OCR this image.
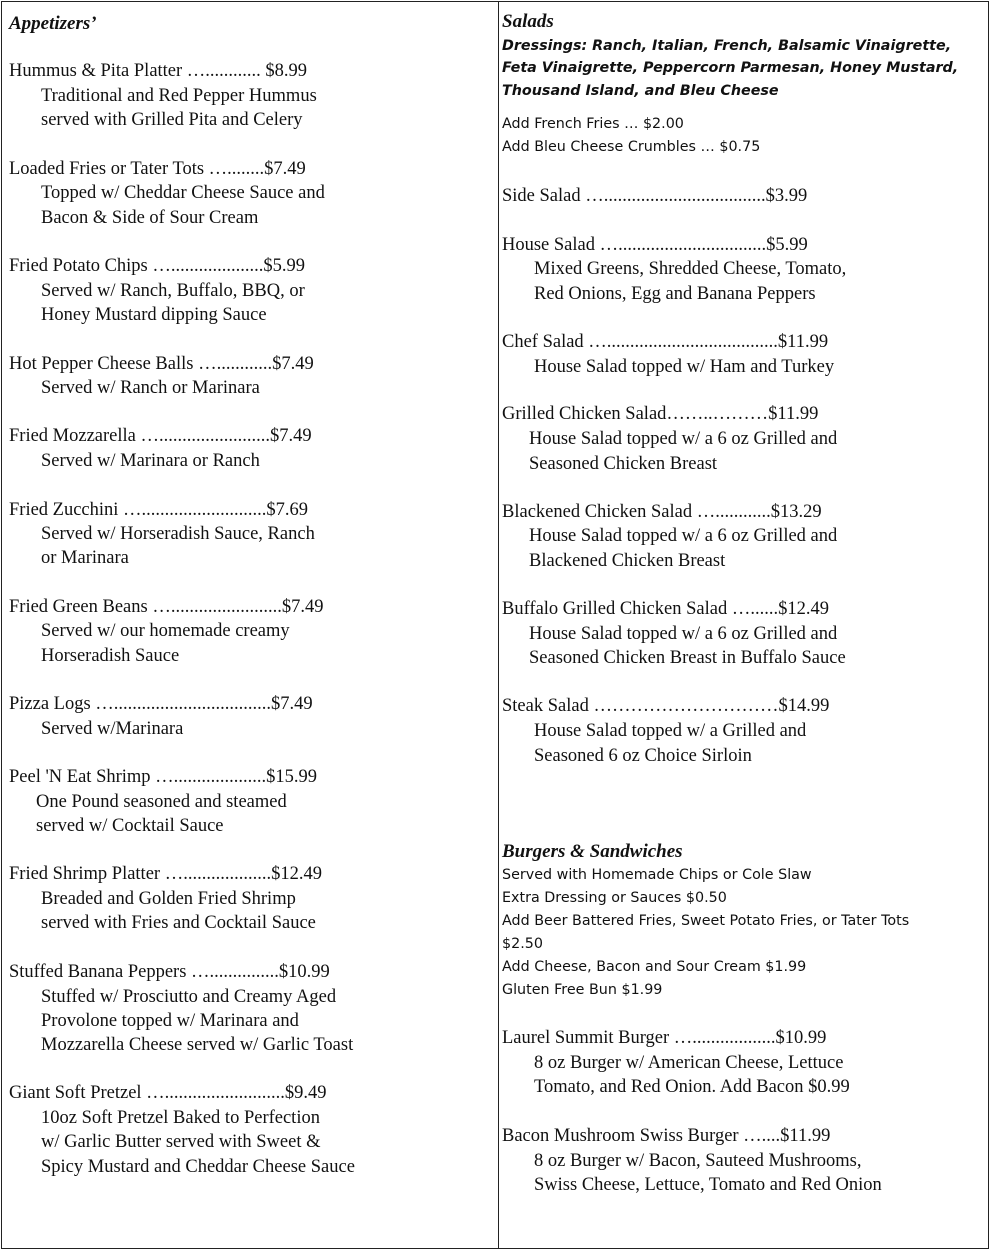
Appetizers’
Hummus & Pita Platter …............ $8.99
Traditional and Red Pepper Hummus
served with Grilled Pita and Celery
Loaded Fries or Tater Tots …........$7.49
Topped w/ Cheddar Cheese Sauce and
Bacon & Side of Sour Cream
Fried Potato Chips …....................$5.99
Served w/ Ranch, Buffalo, BBQ, or
Honey Mustard dipping Sauce
Hot Pepper Cheese Balls …............$7.49
Served w/ Ranch or Marinara
Fried Mozzarella …........................$7.49
Served w/ Marinara or Ranch
Fried Zucchini …...........................$7.69
Served w/ Horseradish Sauce, Ranch
or Marinara
Fried Green Beans …........................$7.49
Served w/ our homemade creamy
Horseradish Sauce
Pizza Logs …..................................$7.49
Served w/Marinara
Peel 'N Eat Shrimp …....................$15.99
One Pound seasoned and steamed
served w/ Cocktail Sauce
Fried Shrimp Platter …...................$12.49
Breaded and Golden Fried Shrimp
served with Fries and Cocktail Sauce
Stuffed Banana Peppers …...............$10.99
Stuffed w/ Prosciutto and Creamy Aged
Provolone topped w/ Marinara and
Mozzarella Cheese served w/ Garlic Toast
Giant Soft Pretzel …..........................$9.49
10oz Soft Pretzel Baked to Perfection
w/ Garlic Butter served with Sweet &
Spicy Mustard and Cheddar Cheese Sauce
Salads
Dressings: Ranch, Italian, French, Balsamic Vinaigrette,
Feta Vinaigrette, Peppercorn Parmesan, Honey Mustard,
Thousand Island, and Bleu Cheese
Add French Fries … $2.00
Add Bleu Cheese Crumbles … $0.75
Side Salad …...................................$3.99
House Salad …................................$5.99
Mixed Greens, Shredded Cheese, Tomato,
Red Onions, Egg and Banana Peppers
Chef Salad ….....................................$11.99
House Salad topped w/ Ham and Turkey
Grilled Chicken Salad……..………$11.99
House Salad topped w/ a 6 oz Grilled and
Seasoned Chicken Breast
Blackened Chicken Salad …............$13.29
House Salad topped w/ a 6 oz Grilled and
Blackened Chicken Breast
Buffalo Grilled Chicken Salad …......$12.49
House Salad topped w/ a 6 oz Grilled and
Seasoned Chicken Breast in Buffalo Sauce
Steak Salad …………………………$14.99
House Salad topped w/ a Grilled and
Seasoned 6 oz Choice Sirloin
Burgers & Sandwiches
Served with Homemade Chips or Cole Slaw
Extra Dressing or Sauces $0.50
Add Beer Battered Fries, Sweet Potato Fries, or Tater Tots
$2.50
Add Cheese, Bacon and Sour Cream $1.99
Gluten Free Bun $1.99
Laurel Summit Burger …..................$10.99
8 oz Burger w/ American Cheese, Lettuce
Tomato, and Red Onion. Add Bacon $0.99
Bacon Mushroom Swiss Burger …....$11.99
8 oz Burger w/ Bacon, Sauteed Mushrooms,
Swiss Cheese, Lettuce, Tomato and Red Onion
